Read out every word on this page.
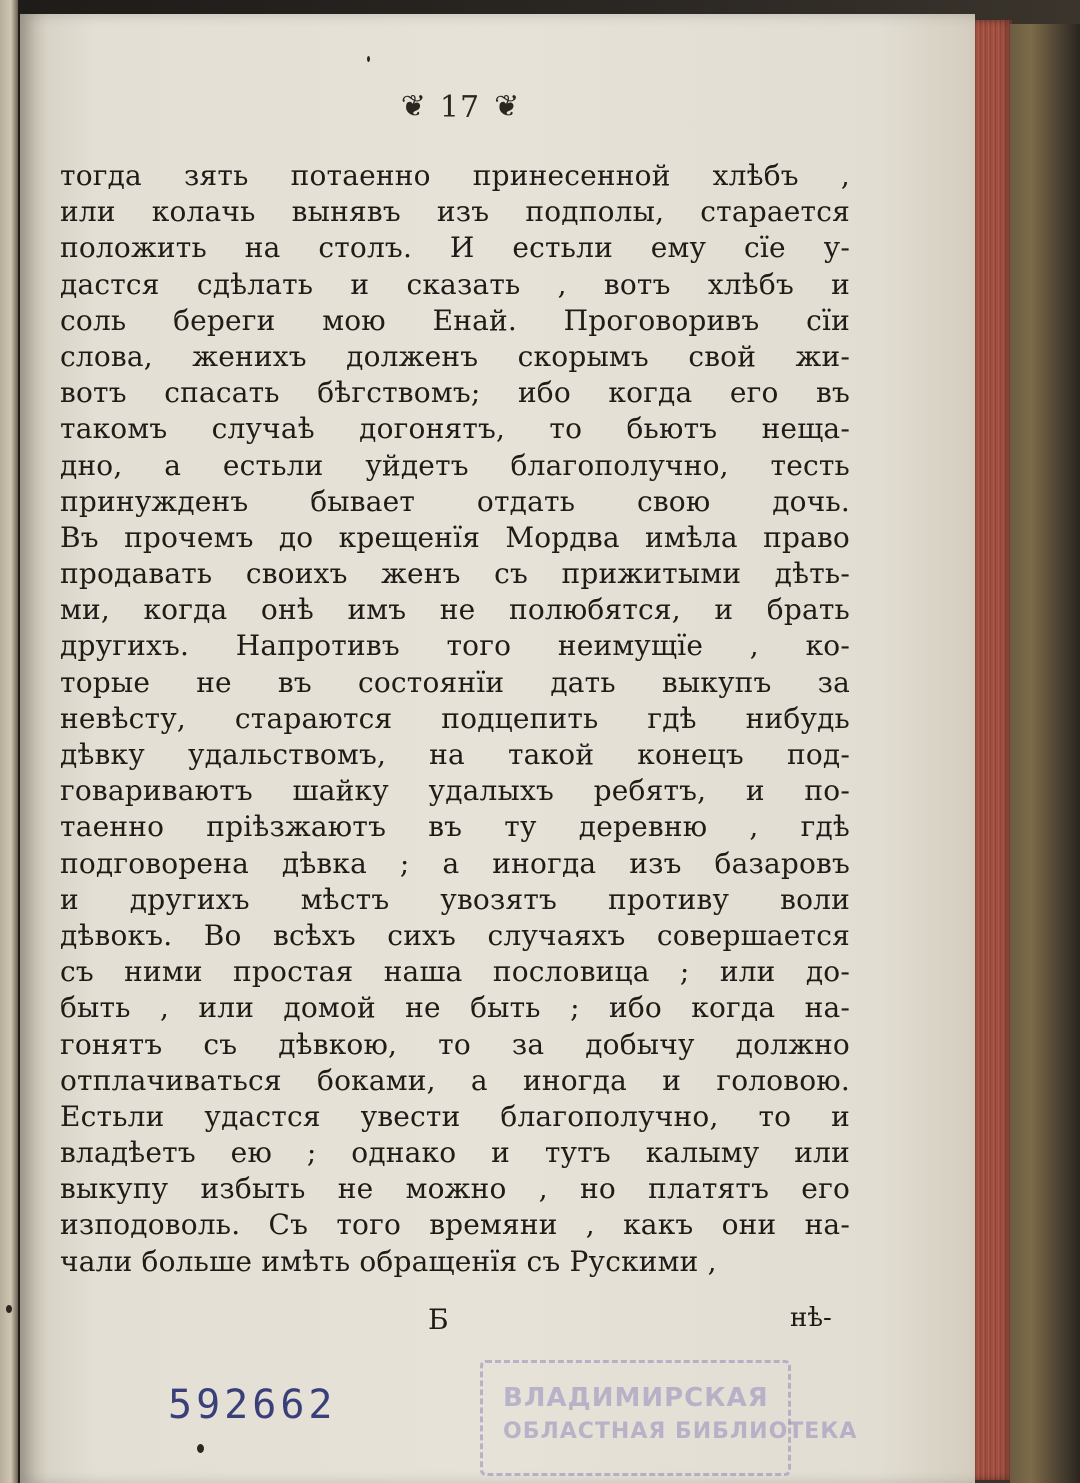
❦ 17 ❦
тогда зять потаенно принесенной хлѣбъ ,
или колачь вынявъ изъ подполы, старается
положить на столъ. И естьли ему сїе у-
дастся сдѣлать и сказать , вотъ хлѣбъ и
соль береги мою Енай. Проговоривъ сїи
слова, женихъ долженъ скорымъ свой жи-
вотъ спасать бѣгствомъ; ибо когда его въ
такомъ случаѣ догонятъ, то бьютъ нещa-
дно, а естьли уйдетъ благополучно, тесть
принужденъ бывает отдать свою дочь.
Въ прочемъ до крещенїя Мордва имѣла право
продавать своихъ женъ съ прижитыми дѣть-
ми, когда онѣ имъ не полюбятся, и брать
другихъ. Напротивъ того неимущїе , ко-
торые не въ состоянїи дать выкупъ за
невѣсту, стараются подцепить гдѣ нибудь
дѣвку удальствомъ, на такой конецъ под-
говариваютъ шайку удалыхъ ребятъ, и по-
таенно прiѣзжаютъ въ ту деревню , гдѣ
подговорена дѣвка ; а иногда изъ базаровъ
и другихъ мѣстъ увозятъ противу воли
дѣвокъ. Во всѣхъ сихъ случаяхъ совершается
съ ними простая наша пословица ; или до-
быть , или домой не быть ; ибо когда на-
гонятъ съ дѣвкою, то за добычу должно
отплачиваться боками, а иногда и головою.
Естьли удастся увести благополучно, то и
владѣетъ ею ; однако и тутъ калыму или
выкупу избыть не можно , но платятъ его
изподоволь. Съ того времяни , какъ они на-
чали больше имѣть обращенїя съ Рускими ,
Б	нѣ-
592662	ВЛАДИМИРСКАЯ
ОБЛАСТНАЯ БИБЛИОТЕКА
